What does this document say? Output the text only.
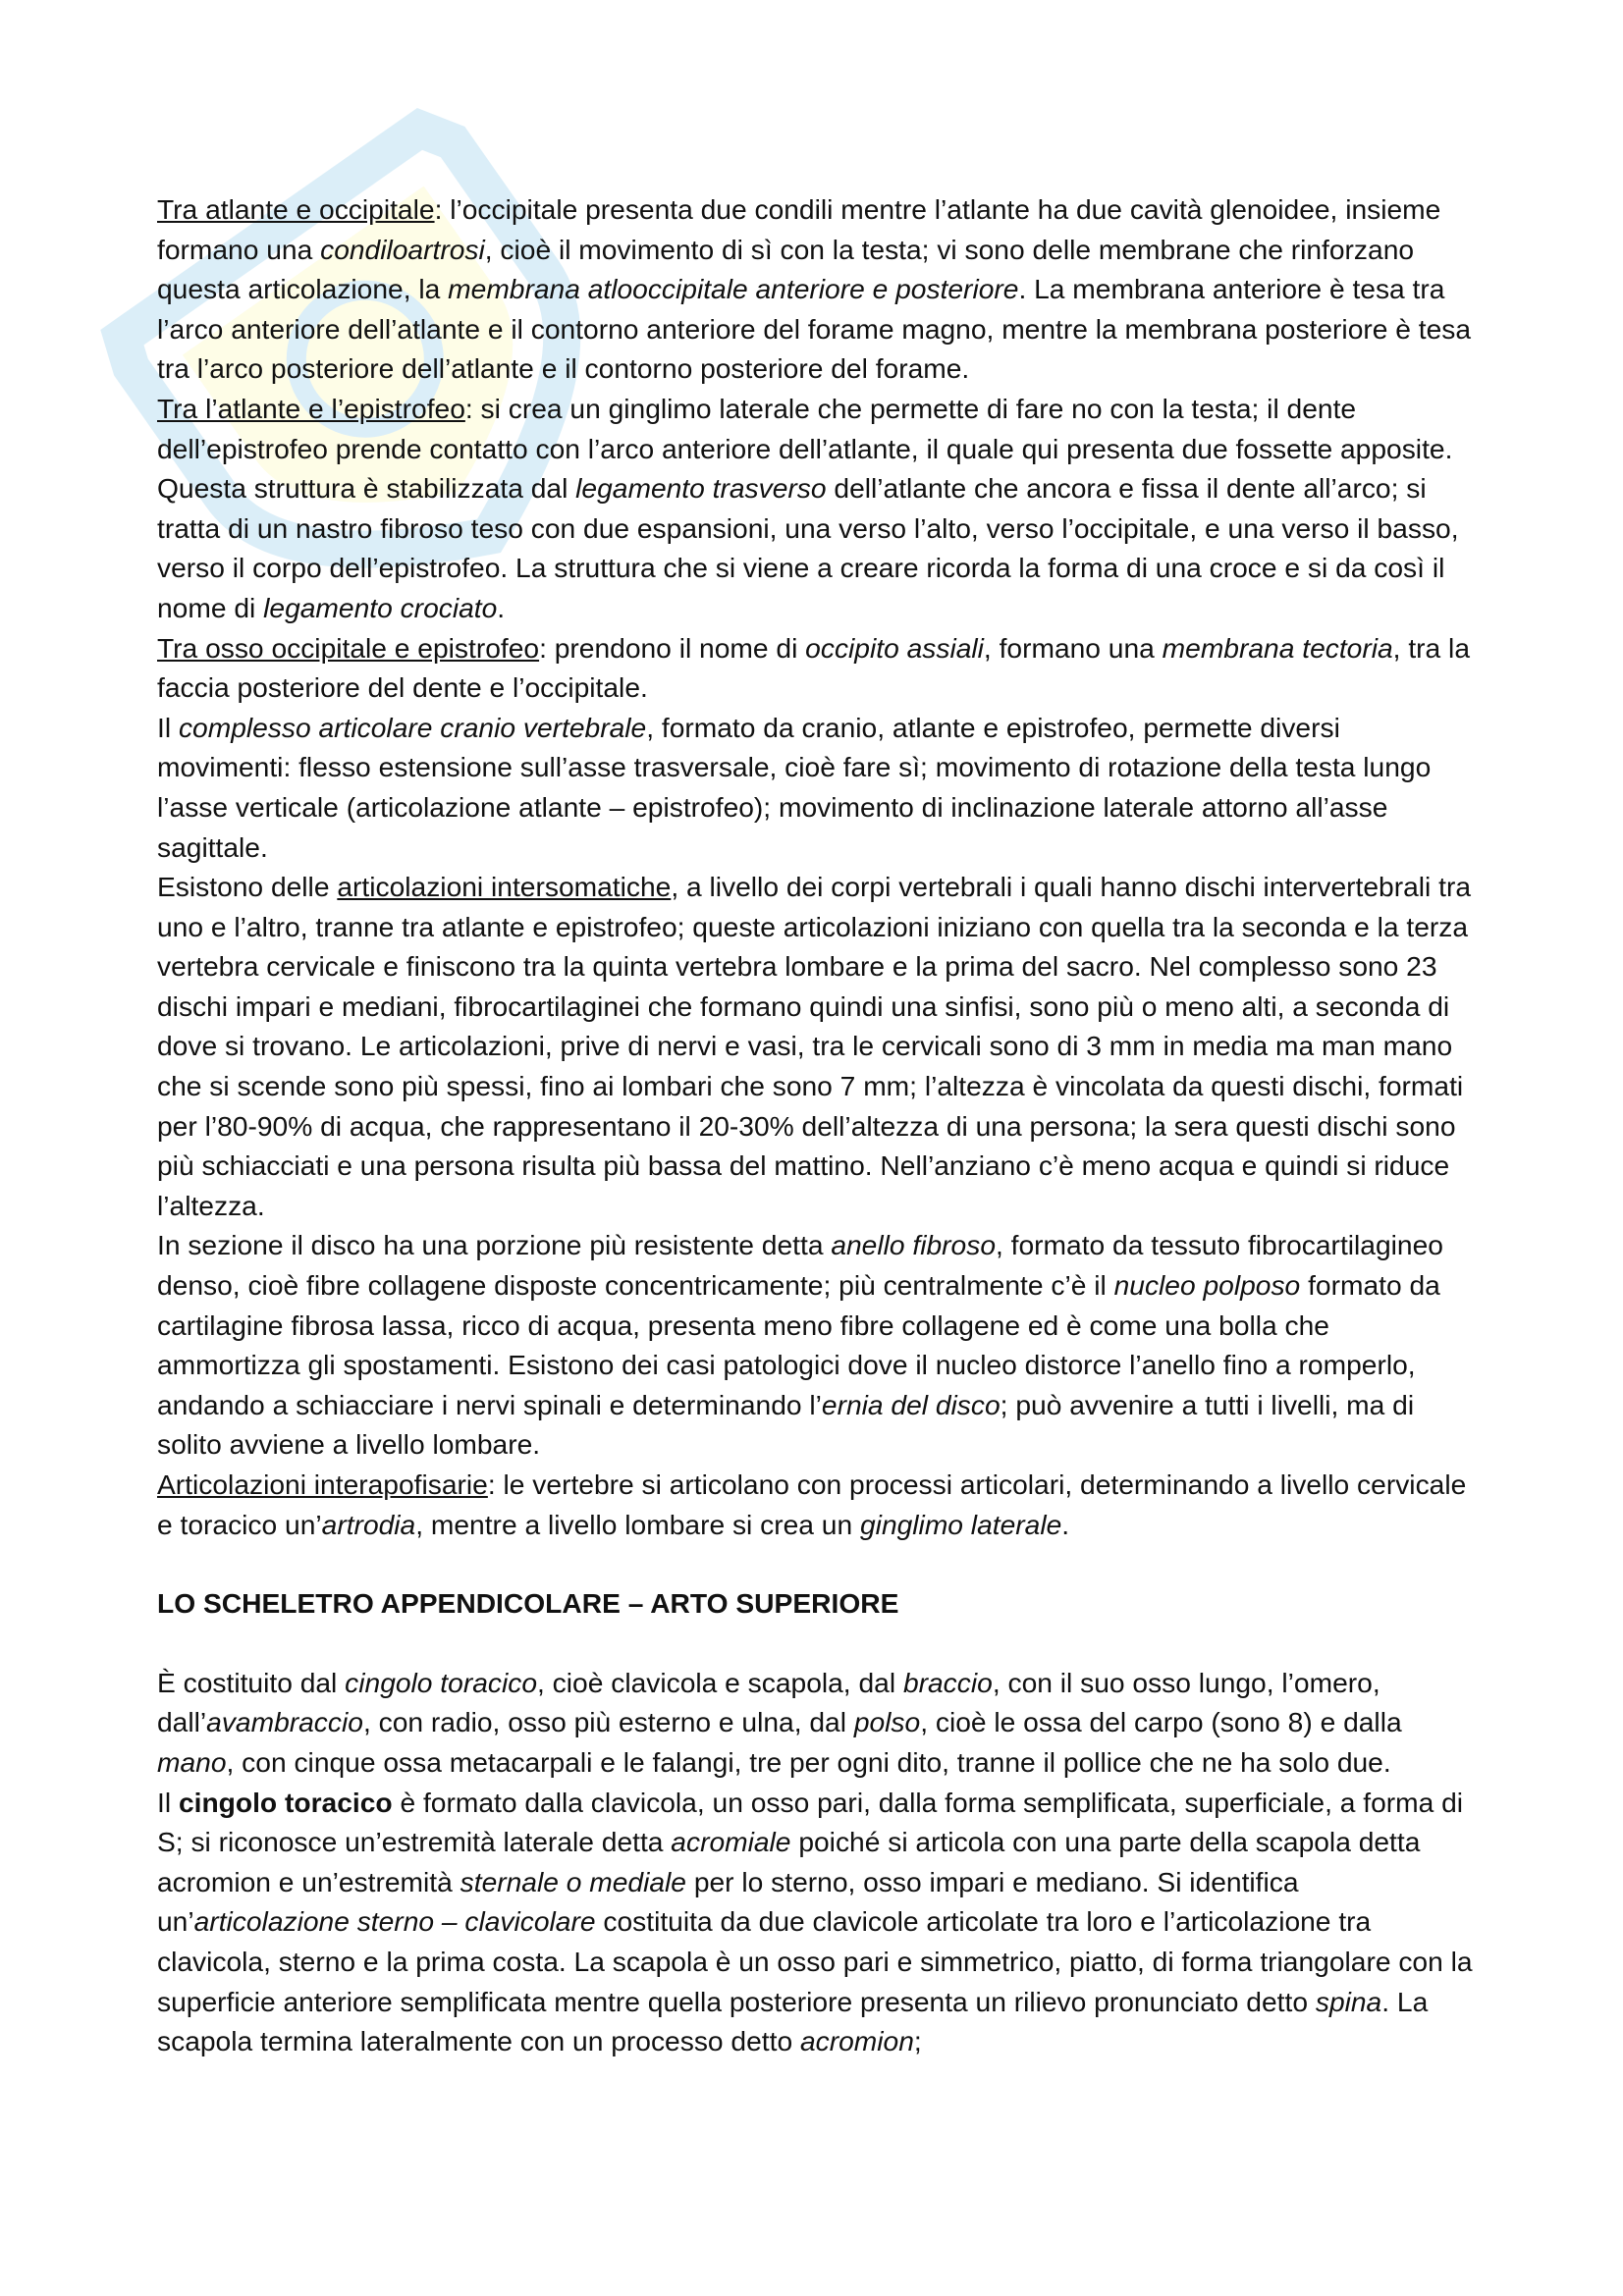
Tra atlante e occipitale: l’occipitale presenta due condili mentre l’atlante ha due cavità glenoidee, insieme formano una condiloartrosi, cioè il movimento di sì con la testa; vi sono delle membrane che rinforzano questa articolazione, la membrana atlooccipitale anteriore e posteriore. La membrana anteriore è tesa tra l’arco anteriore dell’atlante e il contorno anteriore del forame magno, mentre la membrana posteriore è tesa tra l’arco posteriore dell’atlante e il contorno posteriore del forame.

Tra l’atlante e l’epistrofeo: si crea un ginglimo laterale che permette di fare no con la testa; il dente dell’epistrofeo prende contatto con l’arco anteriore dell’atlante, il quale qui presenta due fossette apposite. Questa struttura è stabilizzata dal legamento trasverso dell’atlante che ancora e fissa il dente all’arco; si tratta di un nastro fibroso teso con due espansioni, una verso l’alto, verso l’occipitale, e una verso il basso, verso il corpo dell’epistrofeo. La struttura che si viene a creare ricorda la forma di una croce e si da così il nome di legamento crociato.

Tra osso occipitale e epistrofeo: prendono il nome di occipito assiali, formano una membrana tectoria, tra la faccia posteriore del dente e l’occipitale.

Il complesso articolare cranio vertebrale, formato da cranio, atlante e epistrofeo, permette diversi movimenti: flesso estensione sull’asse trasversale, cioè fare sì; movimento di rotazione della testa lungo l’asse verticale (articolazione atlante – epistrofeo); movimento di inclinazione laterale attorno all’asse sagittale.

Esistono delle articolazioni intersomatiche, a livello dei corpi vertebrali i quali hanno dischi intervertebrali tra uno e l’altro, tranne tra atlante e epistrofeo; queste articolazioni iniziano con quella tra la seconda e la terza vertebra cervicale e finiscono tra la quinta vertebra lombare e la prima del sacro. Nel complesso sono 23 dischi impari e mediani, fibrocartilaginei che formano quindi una sinfisi, sono più o meno alti, a seconda di dove si trovano. Le articolazioni, prive di nervi e vasi, tra le cervicali sono di 3 mm in media ma man mano che si scende sono più spessi, fino ai lombari che sono 7 mm; l’altezza è vincolata da questi dischi, formati per l’80-90% di acqua, che rappresentano il 20-30% dell’altezza di una persona; la sera questi dischi sono più schiacciati e una persona risulta più bassa del mattino. Nell’anziano c’è meno acqua e quindi si riduce l’altezza.

In sezione il disco ha una porzione più resistente detta anello fibroso, formato da tessuto fibrocartilagineo denso, cioè fibre collagene disposte concentricamente; più centralmente c’è il nucleo polposo formato da cartilagine fibrosa lassa, ricco di acqua, presenta meno fibre collagene ed è come una bolla che ammortizza gli spostamenti. Esistono dei casi patologici dove il nucleo distorce l’anello fino a romperlo, andando a schiacciare i nervi spinali e determinando l’ernia del disco; può avvenire a tutti i livelli, ma di solito avviene a livello lombare.

Articolazioni interapofisarie: le vertebre si articolano con processi articolari, determinando a livello cervicale e toracico un’artrodia, mentre a livello lombare si crea un ginglimo laterale.

LO SCHELETRO APPENDICOLARE – ARTO SUPERIORE

È costituito dal cingolo toracico, cioè clavicola e scapola, dal braccio, con il suo osso lungo, l’omero, dall’avambraccio, con radio, osso più esterno e ulna, dal polso, cioè le ossa del carpo (sono 8) e dalla mano, con cinque ossa metacarpali e le falangi, tre per ogni dito, tranne il pollice che ne ha solo due.

Il cingolo toracico è formato dalla clavicola, un osso pari, dalla forma semplificata, superficiale, a forma di S; si riconosce un’estremità laterale detta acromiale poiché si articola con una parte della scapola detta acromion e un’estremità sternale o mediale per lo sterno, osso impari e mediano. Si identifica un’articolazione sterno – clavicolare costituita da due clavicole articolate tra loro e l’articolazione tra clavicola, sterno e la prima costa. La scapola è un osso pari e simmetrico, piatto, di forma triangolare con la superficie anteriore semplificata mentre quella posteriore presenta un rilievo pronunciato detto spina. La scapola termina lateralmente con un processo detto acromion;
